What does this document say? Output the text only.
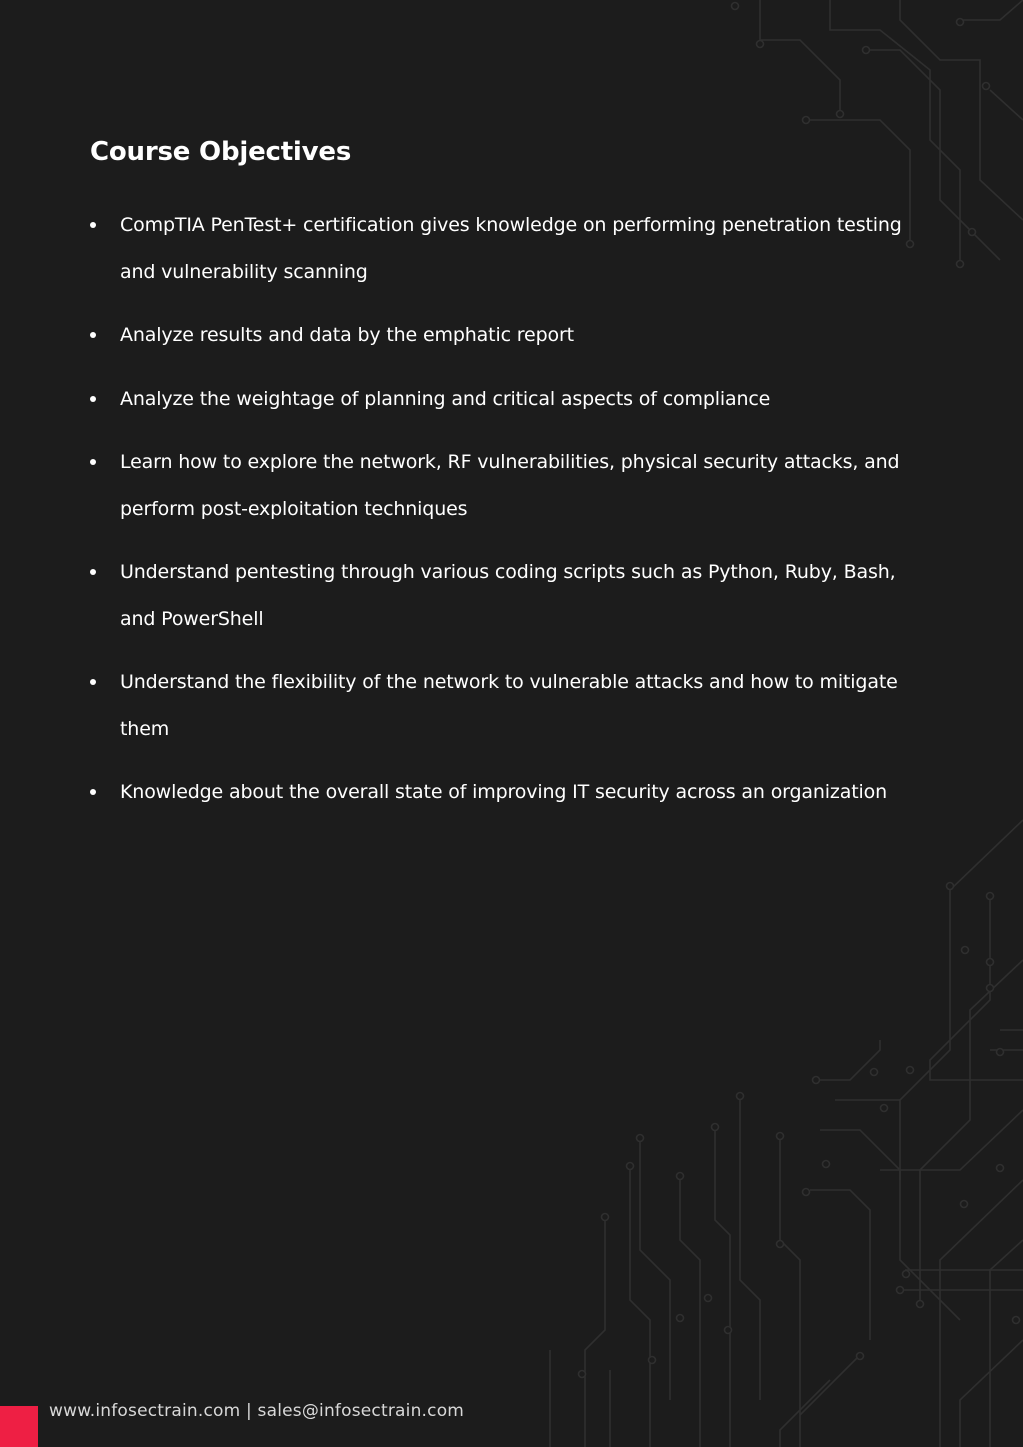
Course Objectives
CompTIA PenTest+ certification gives knowledge on performing penetration testing and vulnerability scanning
Analyze results and data by the emphatic report
Analyze the weightage of planning and critical aspects of compliance
Learn how to explore the network, RF vulnerabilities, physical security attacks, and perform post-exploitation techniques
Understand pentesting through various coding scripts such as Python, Ruby, Bash, and PowerShell
Understand the flexibility of the network to vulnerable attacks and how to mitigate them
Knowledge about the overall state of improving IT security across an organization
www.infosectrain.com | sales@infosectrain.com
